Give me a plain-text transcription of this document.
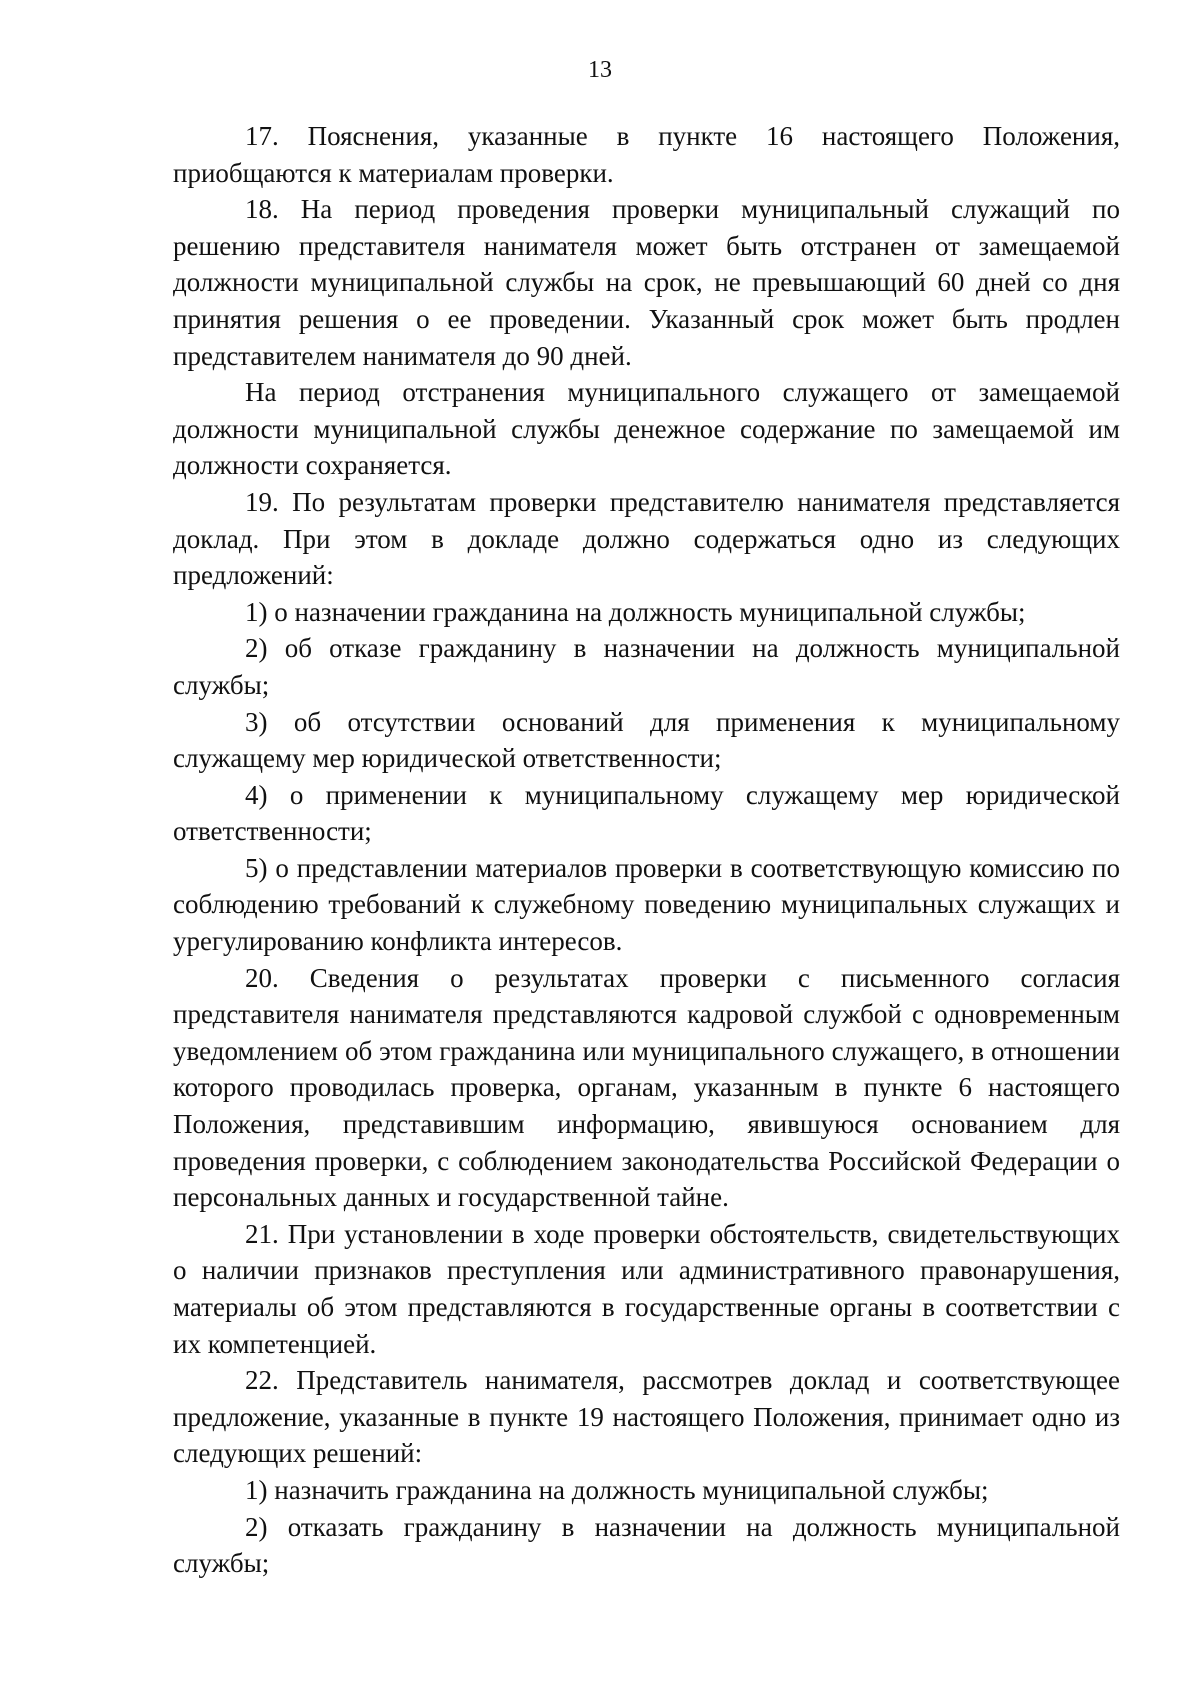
13

17. Пояснения, указанные в пункте 16 настоящего Положения, приобщаются к материалам проверки.

18. На период проведения проверки муниципальный служащий по решению представителя нанимателя может быть отстранен от замещаемой должности муниципальной службы на срок, не превышающий 60 дней со дня принятия решения о ее проведении. Указанный срок может быть продлен представителем нанимателя до 90 дней.

На период отстранения муниципального служащего от замещаемой должности муниципальной службы денежное содержание по замещаемой им должности сохраняется.

19. По результатам проверки представителю нанимателя представляется доклад. При этом в докладе должно содержаться одно из следующих предложений:

1) о назначении гражданина на должность муниципальной службы;

2) об отказе гражданину в назначении на должность муниципальной службы;

3) об отсутствии оснований для применения к муниципальному служащему мер юридической ответственности;

4) о применении к муниципальному служащему мер юридической ответственности;

5) о представлении материалов проверки в соответствующую комиссию по соблюдению требований к служебному поведению муниципальных служащих и урегулированию конфликта интересов.

20. Сведения о результатах проверки с письменного согласия представителя нанимателя представляются кадровой службой с одновременным уведомлением об этом гражданина или муниципального служащего, в отношении которого проводилась проверка, органам, указанным в пункте 6 настоящего Положения, представившим информацию, явившуюся основанием для проведения проверки, с соблюдением законодательства Российской Федерации о персональных данных и государственной тайне.

21. При установлении в ходе проверки обстоятельств, свидетельствующих о наличии признаков преступления или административного правонарушения, материалы об этом представляются в государственные органы в соответствии с их компетенцией.

22. Представитель нанимателя, рассмотрев доклад и соответствующее предложение, указанные в пункте 19 настоящего Положения, принимает одно из следующих решений:

1) назначить гражданина на должность муниципальной службы;

2) отказать гражданину в назначении на должность муниципальной службы;
